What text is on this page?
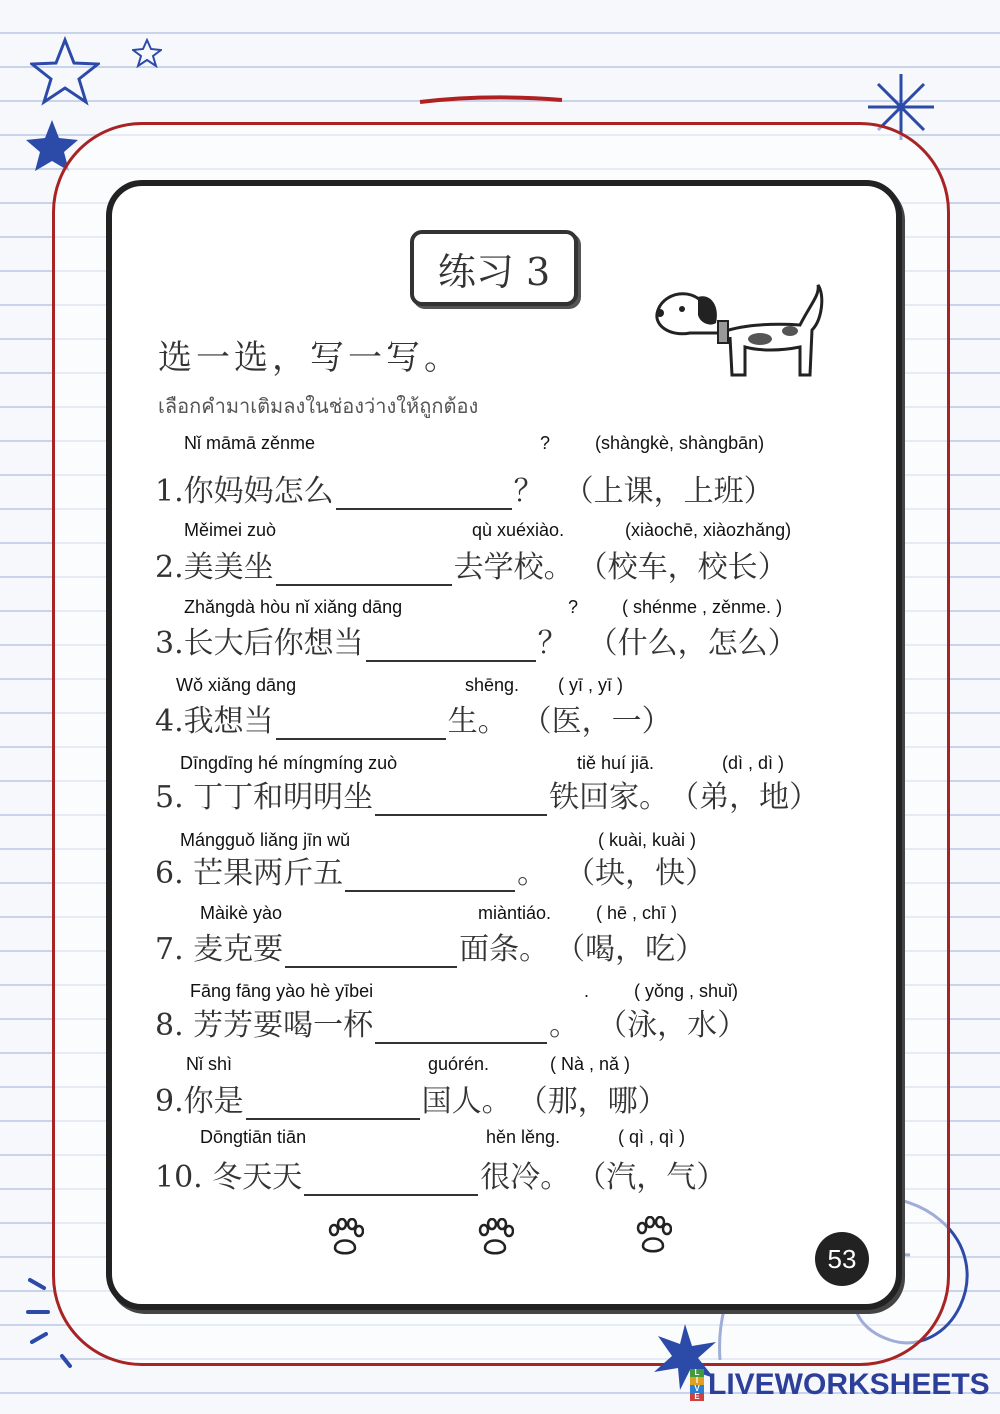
练习 3
选一选，写一写。
เลือกคำมาเติมลงในช่องว่างให้ถูกต้อง
Nǐ māmā zěnme	? (shàngkè, shàngbān)
1.你妈妈怎么	？ （上课，上班）
Měimei zuò	qù xuéxiào.	(xiàochē, xiàozhǎng)
2.美美坐	去学校。 （校车，校长）
Zhǎngdà hòu nǐ xiǎng dāng	? ( shénme , zěnme. )
3.长大后你想当	？ （什么，怎么）
Wǒ xiǎng dāng	shēng. ( yī , yī )
4.我想当	生。 （医，一）
Dīngdīng hé míngmíng zuò	tiě huí jiā.	(dì , dì )
5. 丁丁和明明坐	铁回家。 （弟，地）
Mángguǒ liǎng jīn wǔ	( kuài, kuài )
6. 芒果两斤五	。 （块，快）
Màikè yào	miàntiáo. ( hē , chī )
7. 麦克要	面条。 （喝，吃）
Fāng fāng yào hè yībei	. ( yǒng , shuǐ)
8. 芳芳要喝一杯	。 （泳，水）
Nǐ shì	guórén.	( Nà , nǎ )
9.你是	国人。 （那，哪）
Dōngtiān tiān	hěn lěng.	( qì , qì )
10. 冬天天	很冷。 （汽，气）
53
L
I
V
E LIVEWORKSHEETS
